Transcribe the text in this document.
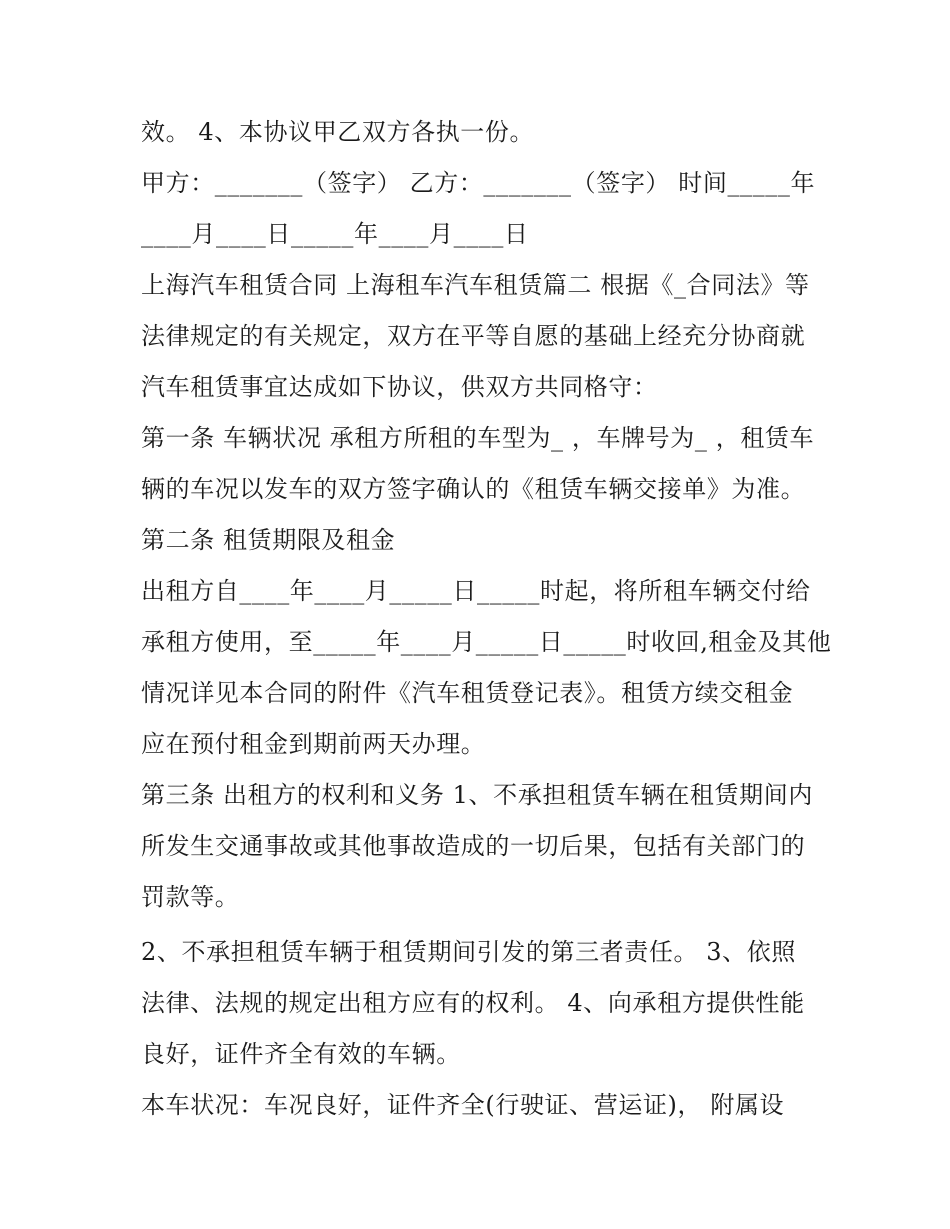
效。 4、本协议甲乙双方各执一份。
甲方：_______（签字） 乙方：_______（签字） 时间_____年
____月____日_____年____月____日
上海汽车租赁合同 上海租车汽车租赁篇二 根据《_合同法》等
法律规定的有关规定，双方在平等自愿的基础上经充分协商就
汽车租赁事宜达成如下协议，供双方共同格守：
第一条 车辆状况 承租方所租的车型为_ ，车牌号为_ ，租赁车
辆的车况以发车的双方签字确认的《租赁车辆交接单》为准。
第二条 租赁期限及租金
出租方自____年____月_____日_____时起，将所租车辆交付给
承租方使用，至_____年____月_____日_____时收回,租金及其他
情况详见本合同的附件《汽车租赁登记表》。租赁方续交租金
应在预付租金到期前两天办理。
第三条 出租方的权利和义务 1、不承担租赁车辆在租赁期间内
所发生交通事故或其他事故造成的一切后果，包括有关部门的
罚款等。
2、不承担租赁车辆于租赁期间引发的第三者责任。 3、依照
法律、法规的规定出租方应有的权利。 4、向承租方提供性能
良好，证件齐全有效的车辆。
本车状况：车况良好，证件齐全(行驶证、营运证)， 附属设
